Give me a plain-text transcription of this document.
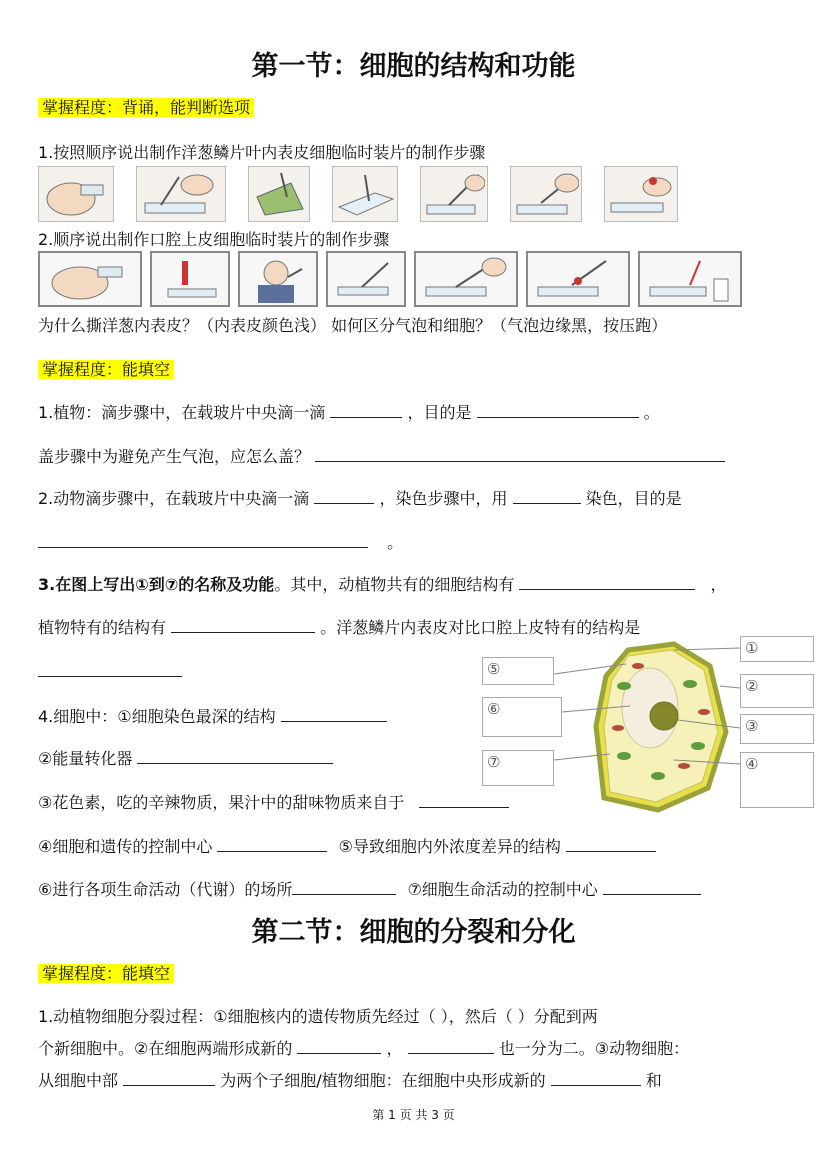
第一节：细胞的结构和功能
掌握程度：背诵，能判断选项
1.按照顺序说出制作洋葱鳞片叶内表皮细胞临时装片的制作步骤
2.顺序说出制作口腔上皮细胞临时装片的制作步骤
为什么撕洋葱内表皮？（内表皮颜色浅） 如何区分气泡和细胞？（气泡边缘黑，按压跑）
掌握程度：能填空
1.植物：滴步骤中，在载玻片中央滴一滴	，目的是	。
盖步骤中为避免产生气泡，应怎么盖？
2.动物滴步骤中，在载玻片中央滴一滴	，染色步骤中，用	染色，目的是
。
3.在图上写出①到⑦的名称及功能。其中，动植物共有的细胞结构有	，
植物特有的结构有	。洋葱鳞片内表皮对比口腔上皮特有的结构是
①
②
③
④
⑤
⑥
⑦
4.细胞中：①细胞染色最深的结构
②能量转化器
③花色素，吃的辛辣物质，果汁中的甜味物质来自于
④细胞和遗传的控制中心	⑤导致细胞内外浓度差异的结构
⑥进行各项生命活动（代谢）的场所	⑦细胞生命活动的控制中心
第二节：细胞的分裂和分化
掌握程度：能填空
1.动植物细胞分裂过程：①细胞核内的遗传物质先经过（ ），然后（ ）分配到两
个新细胞中。②在细胞两端形成新的	，	也一分为二。③动物细胞：
从细胞中部	为两个子细胞/植物细胞：在细胞中央形成新的	和
第 1 页 共 3 页
